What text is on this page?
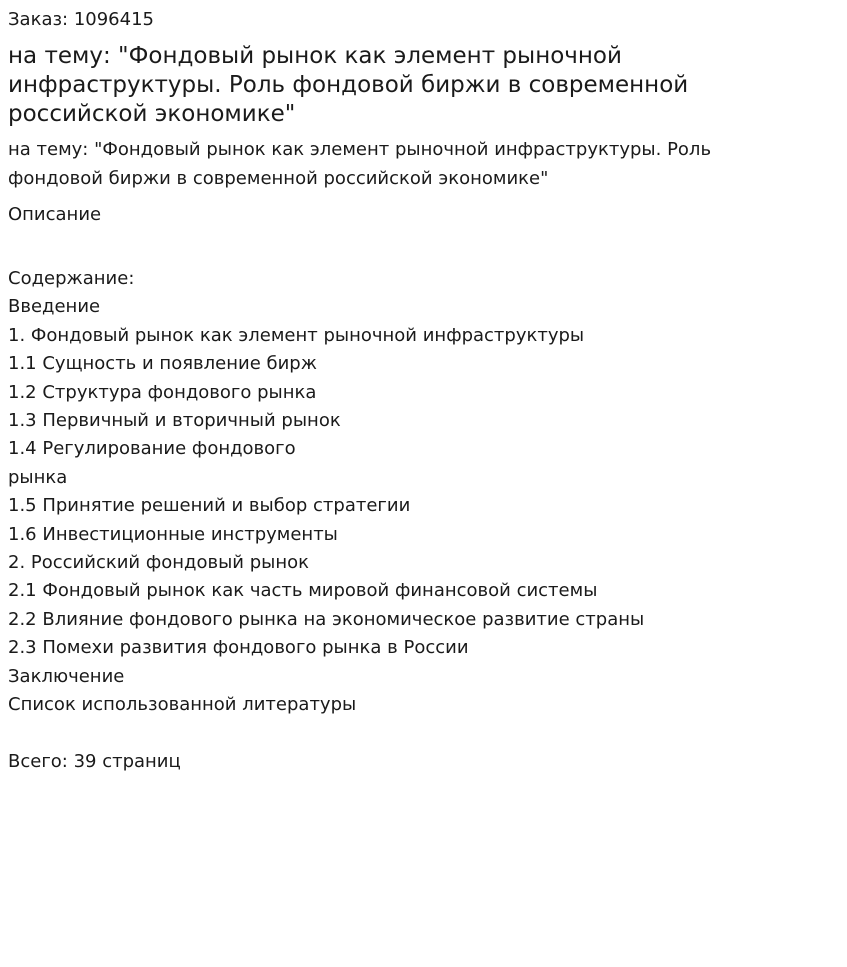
Заказ: 1096415

на тему: "Фондовый рынок как элемент рыночной инфраструктуры. Роль фондовой биржи в современной российской экономике"

на тему: "Фондовый рынок как элемент рыночной инфраструктуры. Роль фондовой биржи в современной российской экономике"

Описание

Содержание:
Введение
1. Фондовый рынок как элемент рыночной инфраструктуры
1.1 Сущность и появление бирж
1.2 Структура фондового рынка
1.3 Первичный и вторичный рынок
1.4 Регулирование фондового рынка
1.5 Принятие решений и выбор стратегии
1.6 Инвестиционные инструменты
2. Российский фондовый рынок
2.1 Фондовый рынок как часть мировой финансовой системы
2.2 Влияние фондового рынка на экономическое развитие страны
2.3 Помехи развития фондового рынка в России
Заключение
Список использованной литературы

Всего: 39 страниц
